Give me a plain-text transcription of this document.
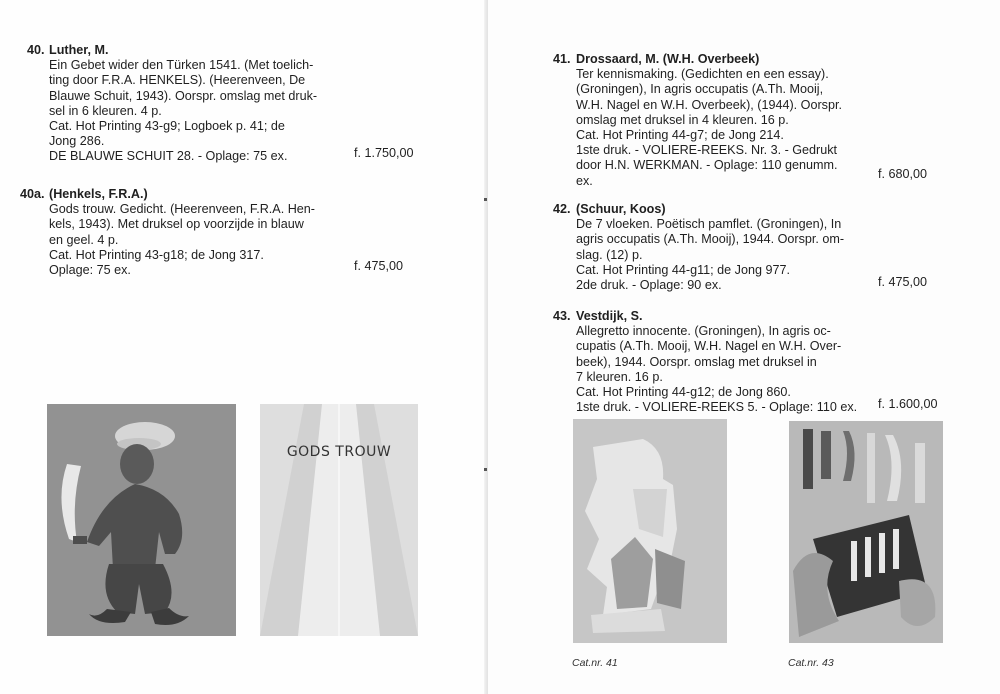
40. Luther, M.
Ein Gebet wider den Türken 1541. (Met toelich-
ting door F.R.A. HENKELS). (Heerenveen, De
Blauwe Schuit, 1943). Oorspr. omslag met druk-
sel in 6 kleuren. 4 p.
Cat. Hot Printing 43-g9; Logboek p. 41; de
Jong 286.
DE BLAUWE SCHUIT 28. - Oplage: 75 ex.	f. 1.750,00
40a. (Henkels, F.R.A.)
Gods trouw. Gedicht. (Heerenveen, F.R.A. Hen-
kels, 1943). Met druksel op voorzijde in blauw
en geel. 4 p.
Cat. Hot Printing 43-g18; de Jong 317.
Oplage: 75 ex.	f. 475,00
GODS TROUW
41. Drossaard, M. (W.H. Overbeek)
Ter kennismaking. (Gedichten en een essay).
(Groningen), In agris occupatis (A.Th. Mooij,
W.H. Nagel en W.H. Overbeek), (1944). Oorspr.
omslag met druksel in 4 kleuren. 16 p.
Cat. Hot Printing 44-g7; de Jong 214.
1ste druk. - VOLIERE-REEKS. Nr. 3. - Gedrukt
door H.N. WERKMAN. - Oplage: 110 genumm.
ex.	f. 680,00
42. (Schuur, Koos)
De 7 vloeken. Poëtisch pamflet. (Groningen), In
agris occupatis (A.Th. Mooij), 1944. Oorspr. om-
slag. (12) p.
Cat. Hot Printing 44-g11; de Jong 977.
2de druk. - Oplage: 90 ex.	f. 475,00
43. Vestdijk, S.
Allegretto innocente. (Groningen), In agris oc-
cupatis (A.Th. Mooij, W.H. Nagel en W.H. Over-
beek), 1944. Oorspr. omslag met druksel in
7 kleuren. 16 p.
Cat. Hot Printing 44-g12; de Jong 860.
1ste druk. - VOLIERE-REEKS 5. - Oplage: 110 ex. f. 1.600,00
Cat.nr. 41	Cat.nr. 43
